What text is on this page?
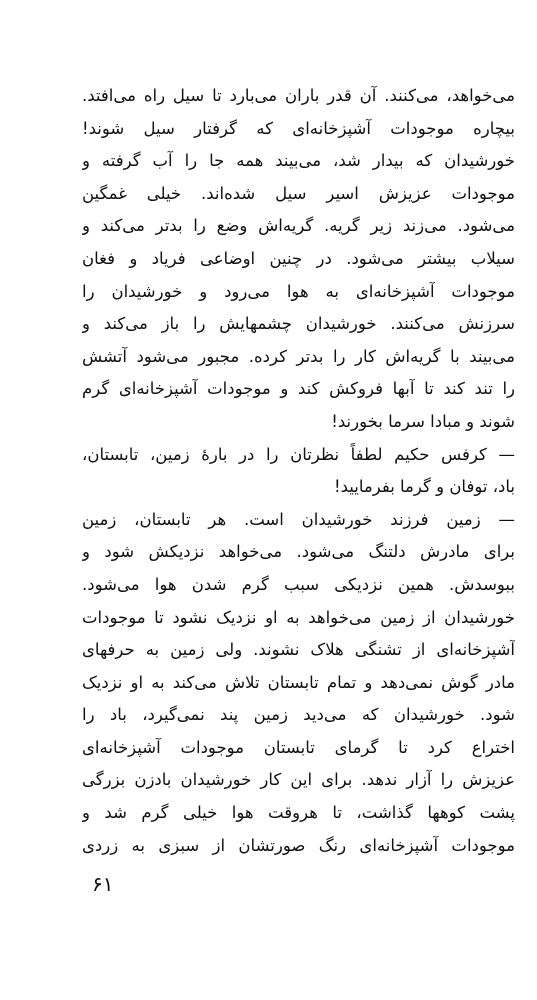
می‌خواهد، می‌کنند. آن قدر باران می‌بارد تا سیل راه می‌افتد.
بیچاره موجودات آشپزخانه‌ای که گرفتار سیل شوند!
خورشیدان که بیدار شد، می‌بیند همه جا را آب گرفته و
موجودات عزیزش اسیر سیل شده‌اند. خیلی غمگین
می‌شود. می‌زند زیر گریه. گریه‌اش وضع را بدتر می‌کند و
سیلاب بیشتر می‌شود. در چنین اوضاعی فریاد و فغان
موجودات آشپزخانه‌ای به هوا می‌رود و خورشیدان را
سرزنش می‌کنند. خورشیدان چشمهایش را باز می‌کند و
می‌بیند با گریه‌اش کار را بدتر کرده. مجبور می‌شود آتشش
را تند کند تا آبها فروکش کند و موجودات آشپزخانه‌ای گرم
شوند و مبادا سرما بخورند!
— کرفس حکیم لطفاً نظرتان را در بارهٔ زمین، تابستان،
باد، توفان و گرما بفرمایید!
— زمین فرزند خورشیدان است. هر تابستان، زمین
برای مادرش دلتنگ می‌شود. می‌خواهد نزدیکش شود و
ببوسدش. همین نزدیکی سبب گرم شدن هوا می‌شود.
خورشیدان از زمین می‌خواهد به او نزدیک نشود تا موجودات
آشپزخانه‌ای از تشنگی هلاک نشوند. ولی زمین به حرفهای
مادر گوش نمی‌دهد و تمام تابستان تلاش می‌کند به او نزدیک
شود. خورشیدان که می‌دید زمین پند نمی‌گیرد، باد را
اختراع کرد تا گرمای تابستان موجودات آشپزخانه‌ای
عزیزش را آزار ندهد. برای این کار خورشیدان بادزن بزرگی
پشت کوهها گذاشت، تا هروقت هوا خیلی گرم شد و
موجودات آشپزخانه‌ای رنگ صورتشان از سبزی به زردی
۶۱
